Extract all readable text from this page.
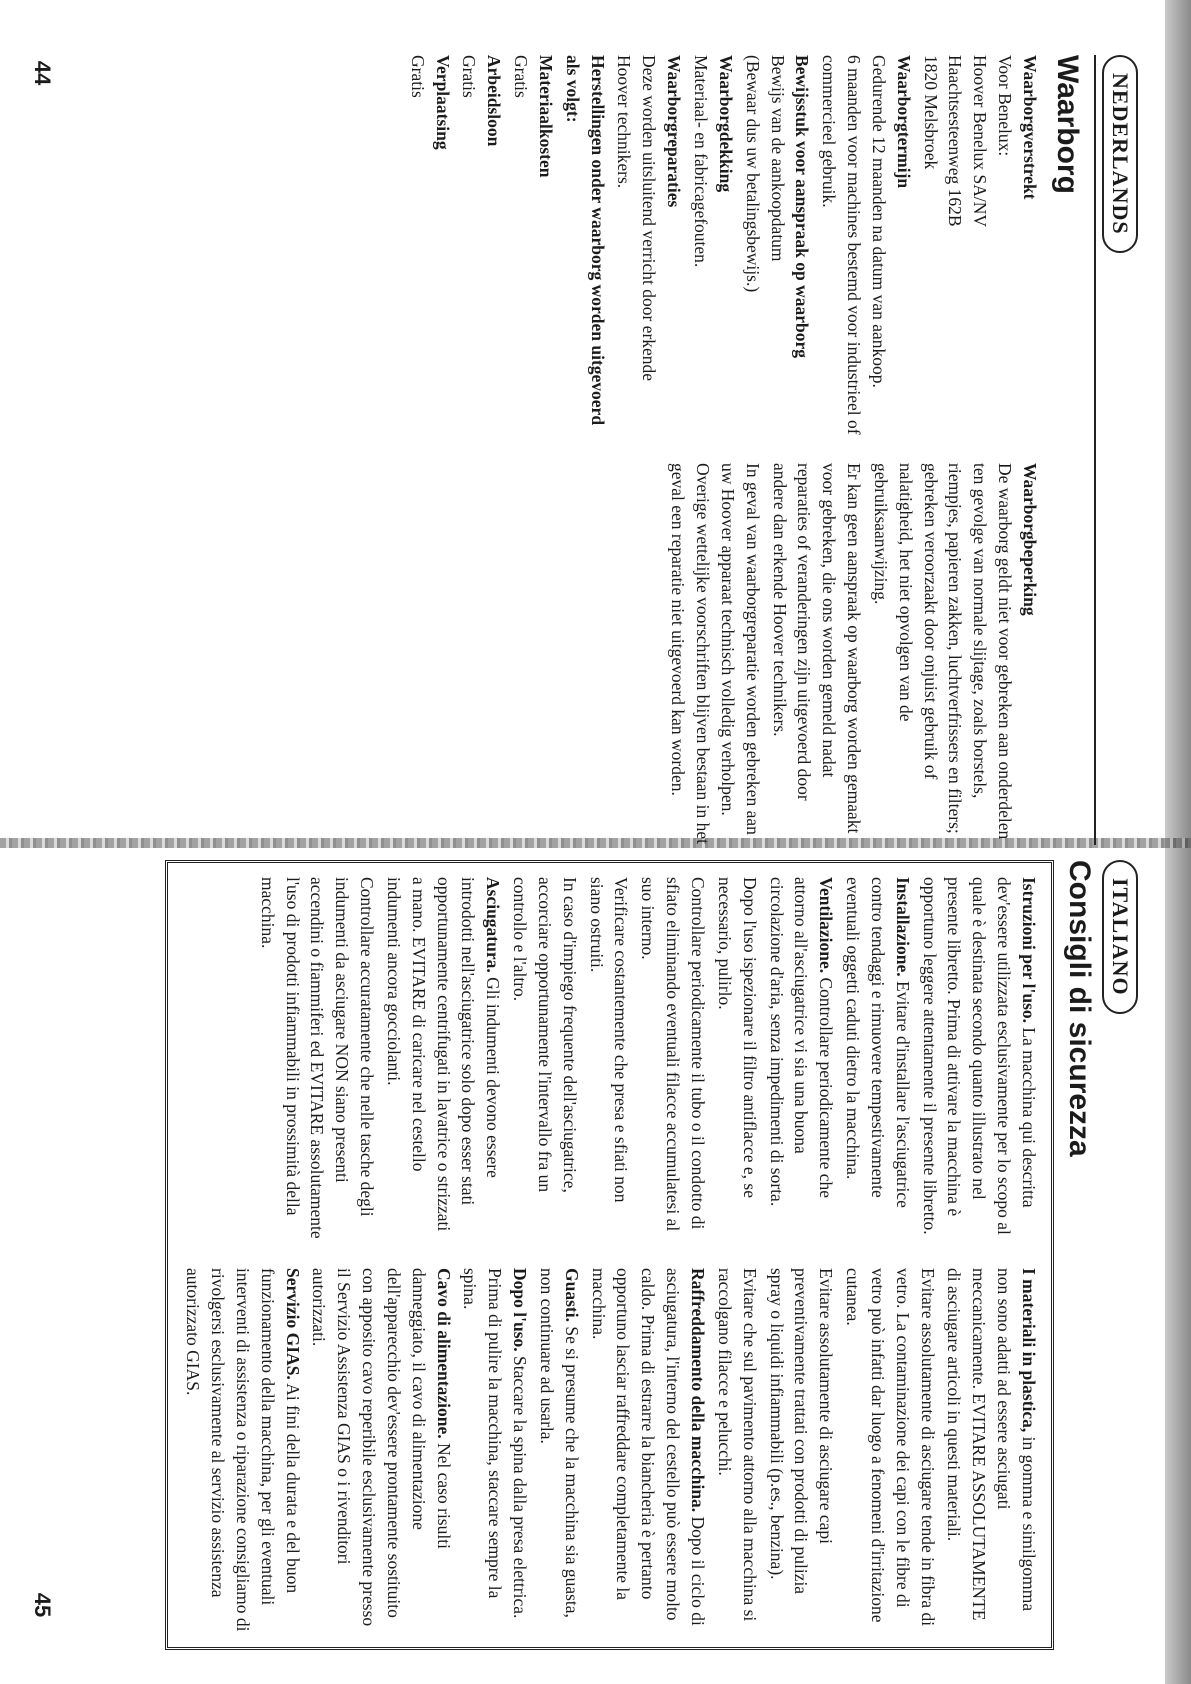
44
45
NEDERLANDS
Waarborg

Waarborgverstrekt
Voor Benelux:
Hoover Benelux SA/NV
Haachtsesteenweg 162B
1820 Melsbroek

Waarborgtermijn
Gedurende 12 maanden na datum van aankoop.
6 maanden voor machines bestemd voor industrieel of commercieel gebruik.

Bewijsstuk voor aanspraak op waarborg
Bewijs van de aankoopdatum
(Bewaar dus uw betalingsbewijs.)

Waarborgdekking
Materiaal- en fabricagefouten.

Waarborgreparaties
Deze worden uitsluitend verricht door erkende Hoover technikers.

Herstellingen onder waarborg worden uitgevoerd als volgt:

Materiaalkosten
Gratis

Arbeidsloon
Gratis

Verplaatsing
Gratis

Waarborgbeperking
De waarborg geldt niet voor gebreken aan onderdelen ten gevolge van normale slijtage, zoals borstels, riempjes, papieren zakken, luchtverfrissers en filters; gebreken veroorzaakt door onjuist gebruik of nalatigheid, het niet opvolgen van de gebruiksaanwijzing.

Er kan geen aanspraak op waarborg worden gemaakt voor gebreken, die ons worden gemeld nadat reparaties of veranderingen zijn uitgevoerd door andere dan erkende Hoover technikers.

In geval van waarborgreparatie worden gebreken aan uw Hoover apparaat technisch volledig verholpen. Overige wettelijke voorschriften blijven bestaan in het geval een reparatie niet uitgevoerd kan worden.

ITALIANO
Consigli di sicurezza

Istruzioni per l'uso. La macchina qui descritta dev'essere utilizzata esclusivamente per lo scopo al quale è destinata secondo quanto illustrato nel presente libretto. Prima di attivare la macchina è opportuno leggere attentamente il presente libretto.

Installazione. Evitare d'installare l'asciugatrice contro tendaggi e rimuovere tempestivamente eventuali oggetti caduti dietro la macchina.

Ventilazione. Controllare periodicamente che attorno all'asciugatrice vi sia una buona circolazione d'aria, senza impedimenti di sorta.

Dopo l'uso ispezionare il filtro antiflacce e, se necessario, pulirlo.

Controllare periodicamente il tubo o il condotto di sfiato eliminando eventuali filacce accumulatesi al suo interno.

Verificare costantemente che presa e sfiati non siano ostruiti.

In caso d'impiego frequente dell'asciugatrice, accorciare opportunamente l'intervallo fra un controllo e l'altro.

Asciugatura. Gli indumenti devono essere introdotti nell'asciugatrice solo dopo esser stati opportunamente centrifugati in lavatrice o strizzati a mano. EVITARE di caricare nel cestello indumenti ancora gocciolanti.

Controllare accuratamente che nelle tasche degli indumenti da asciugare NON siano presenti accendini o fiammiferi ed EVITARE assolutamente l'uso di prodotti infiammabili in prossimità della macchina.

I materiali in plastica, in gomma e similgomma non sono adatti ad essere asciugati meccanicamente. EVITARE ASSOLUTAMENTE di asciugare articoli in questi materiali.

Evitare assolutamente di asciugare tende in fibra di vetro. La contaminazione dei capi con le fibre di vetro può infatti dar luogo a fenomeni d'irritazione cutanea.

Evitare assolutamente di asciugare capi preventivamente trattati con prodotti di pulizia spray o liquidi infiammabili (p.es., benzina).

Evitare che sul pavimento attorno alla macchina si raccolgano filacce e pelucchi.

Raffreddamento della macchina. Dopo il ciclo di asciugatura, l'interno del cestello può essere molto caldo. Prima di estrarre la biancheria è pertanto opportuno lasciar raffreddare completamente la macchina.

Guasti. Se si presume che la macchina sia guasta, non continuare ad usarla.

Dopo l'uso. Staccare la spina dalla presa elettrica. Prima di pulire la macchina, staccare sempre la spina.

Cavo di alimentazione. Nel caso risulti danneggiato, il cavo di alimentazione dell'apparecchio dev'essere prontamente sostituito con apposito cavo reperibile esclusivamente presso il Servizio Assistenza GIAS o i rivenditori autorizzati.

Servizio GIAS. Ai fini della durata e del buon funzionamento della macchina, per gli eventuali interventi di assistenza o riparazione consigliamo di rivolgersi esclusivamente al servizio assistenza autorizzato GIAS.
